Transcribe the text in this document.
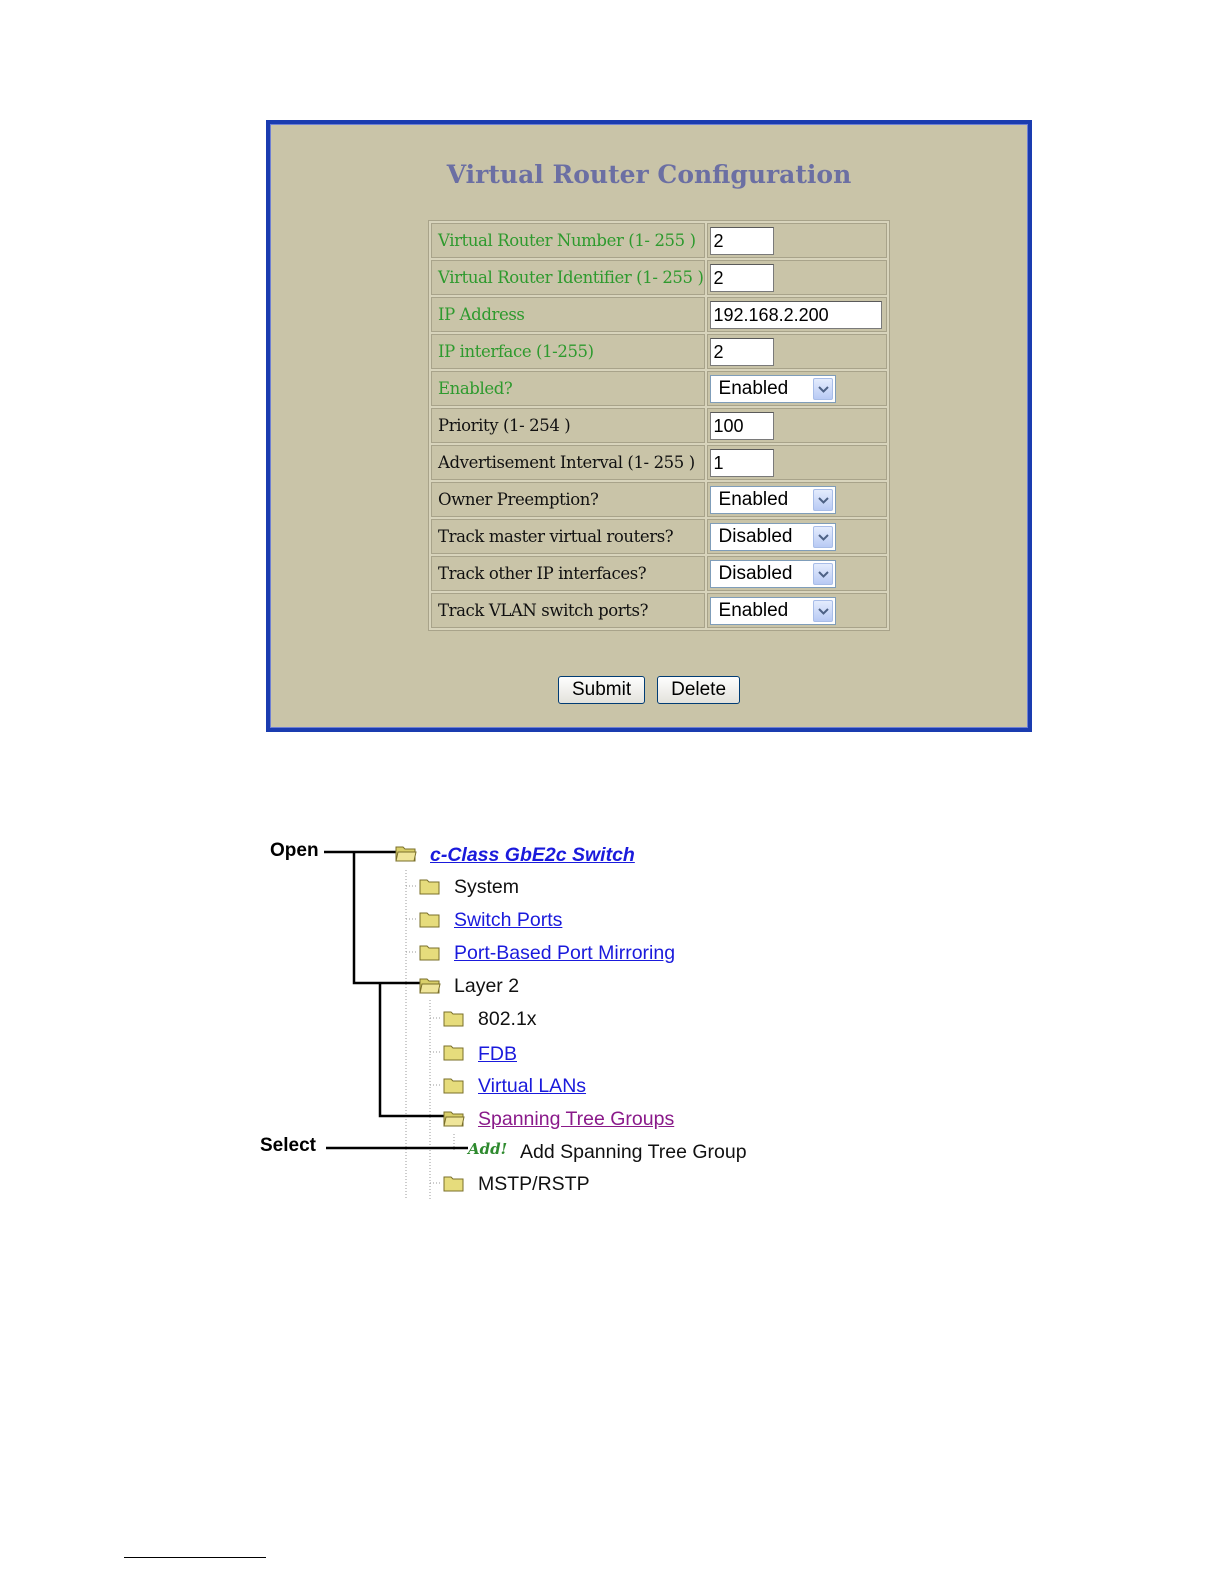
Virtual Router Configuration
Virtual Router Number (1- 255 )	2

Virtual Router Identifier (1- 255 )	2

IP Address	192.168.2.200

IP interface (1-255)	2

Enabled?	Enabled

Priority (1- 254 )	100

Advertisement Interval (1- 255 )	1

Owner Preemption?	Enabled

Track master virtual routers?	Disabled

Track other IP interfaces?	Disabled

Track VLAN switch ports?	Enabled
Submit Delete
Open
Select
c-Class GbE2c Switch
System
Switch Ports
Port-Based Port Mirroring
Layer 2
802.1x
FDB
Virtual LANs
Spanning Tree Groups
Add! Add Spanning Tree Group
MSTP/RSTP
